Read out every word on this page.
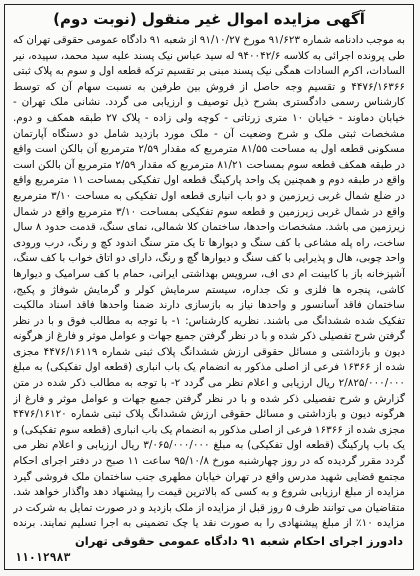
آگهی مزایده اموال غیر منقول (نوبت دوم)
به موجب دادنامه شماره ۹۱/۶۲۳ مورخ ۹۱/۱۰/۲۷ از شعبه ۹۱ دادگاه عمومی حقوقی تهران که طی پرونده اجرائی به کلاسه ۹۴۰۰۴۲/۶ له سید عباس نیک پسند علیه سید محمد، سپیده، نیر السادات، اکرم السادات همگی نیک پسند مبنی بر تقسیم ترکه قطعه اول و سوم به پلاک ثبتی ۴۴۷۶/۱۶۳۶۶ و تقسیم وجه حاصل از فروش بین طرفین به نسبت سهام آن که توسط کارشناس رسمی دادگستری بشرح ذیل توصیف و ارزیابی می گردد. نشانی ملک تهران - خیابان دماوند - خیابان ۱۰ متری زرتاتی - کوچه ولی زاده - پلاک ۲۷ طبقه همکف و دوم. مشخصات ثبتی ملک و شرح وضعیت آن - ملک مورد بازدید شامل دو دستگاه آپارتمان مسکونی قطعه اول به مساحت ۸۱/۵۵ مترمربع که مقدار ۲/۵۹ مترمربع آن بالکن است واقع در طبقه همکف قطعه سوم بمساحت ۸۱/۲۱ مترمربع که مقدار ۲/۵۹ مترمربع آن بالکن است واقع در طبقه دوم و همچنین یک واحد پارکینگ قطعه اول تفکیکی بمساحت ۱۱ مترمربع واقع در ضلع شمال غربی زیرزمین و دو باب انباری قطعه اول تفکیکی به مساحت ۳/۱۰ مترمربع واقع در شمال غربی زیرزمین و قطعه سوم تفکیکی بمساحت ۳/۱۰ مترمربع واقع در شمال زیرزمین می باشد. مشخصات واحدها، ساختمان کلا شمالی، نمای سنگ، قدمت حدود ۸ سال ساخت، راه پله مشاعی با کف سنگ و دیوارها تا یک متر سنگ اندود کچ و رنگ، درب ورودی واحد چوبی، هال و پذیرایی با کف سنگ و دیوارها گچ و رنگ، دارای دو اتاق خواب با کف سنگ، آشپزخانه باز با کابینت ام دی اف، سرویس بهداشتی ایرانی، حمام با کف سرامیک و دیوارها کاشی، پنجره ها فلزی و تک جداره، سیستم سرمایش کولر و گرمایش شوفاژ و پکیج، ساختمان فاقد آسانسور و واحدها نیاز به بازسازی دارند ضمنا واحدها فاقد اسناد مالکیت تفکیک شده ششدانگ می باشند. نظریه کارشناس: ۱- با توجه به مطالب فوق و با در نظر گرفتن شرح تفصیلی ذکر شده و با در نظر گرفتن جمیع جهات و عوامل موثر و فارغ از هرگونه دیون و بازداشتی و مسائل حقوقی ارزش ششدانگ پلاک ثبتی شماره ۴۴۷۶/۱۶۱۱۹ مجزی شده از ۱۶۳۶۶ فرعی از اصلی مذکور به انضمام یک باب انباری (قطعه اول تفکیکی) به مبلغ ۲/۸۲۵/۰۰۰/۰۰۰ ریال ارزیابی و اعلام نظر می گردد ۲- با توجه به مطالب ذکر شده در متن گزارش و شرح تفصیلی ذکر شده و با در نظر گرفتن جمیع جهات و عوامل موثر و فارغ از هرگونه دیون و بازداشتی و مسائل حقوقی ارزش ششدانگ پلاک ثبتی شماره ۴۴۷۶/۱۶۱۲۰ مجزی شده از ۱۶۳۶۶ فرعی از اصلی مذکور به انضمام یک باب انباری (قطعه سوم تفکیکی) و یک باب پارکینگ (قطعه اول تفکیکی) به مبلغ ۳/۰۶۵/۰۰۰/۰۰۰ ریال ارزیابی و اعلام نظر می گردد مقرر گردیده که در روز چهارشنبه مورخ ۹۵/۱۰/۸ ساعت ۱۱ صبح در دفتر اجرای احکام مجتمع قضایی شهید مدرس واقع در تهران خیابان مطهری جنب ساختمان ملک فروشی گیرد مزایده از مبلغ ارزیابی شروع و به کسی که بالاترین قیمت را پیشنهاد دهد واگذار خواهد شد. متقاضیان می توانند ظرف ۵ روز قبل از مزایده از ملک بازدید و در صورت تمایل به شرکت در مزایده ۱۰٪ از مبلغ پیشنهادی را به صورت نقد یا چک تضمینی به اجرا تسلیم نمایند. برنده
دادورز اجرای احکام شعبه ۹۱ دادگاه عمومی حقوقی تهران
۱۱۰۱۲۹۸۳
